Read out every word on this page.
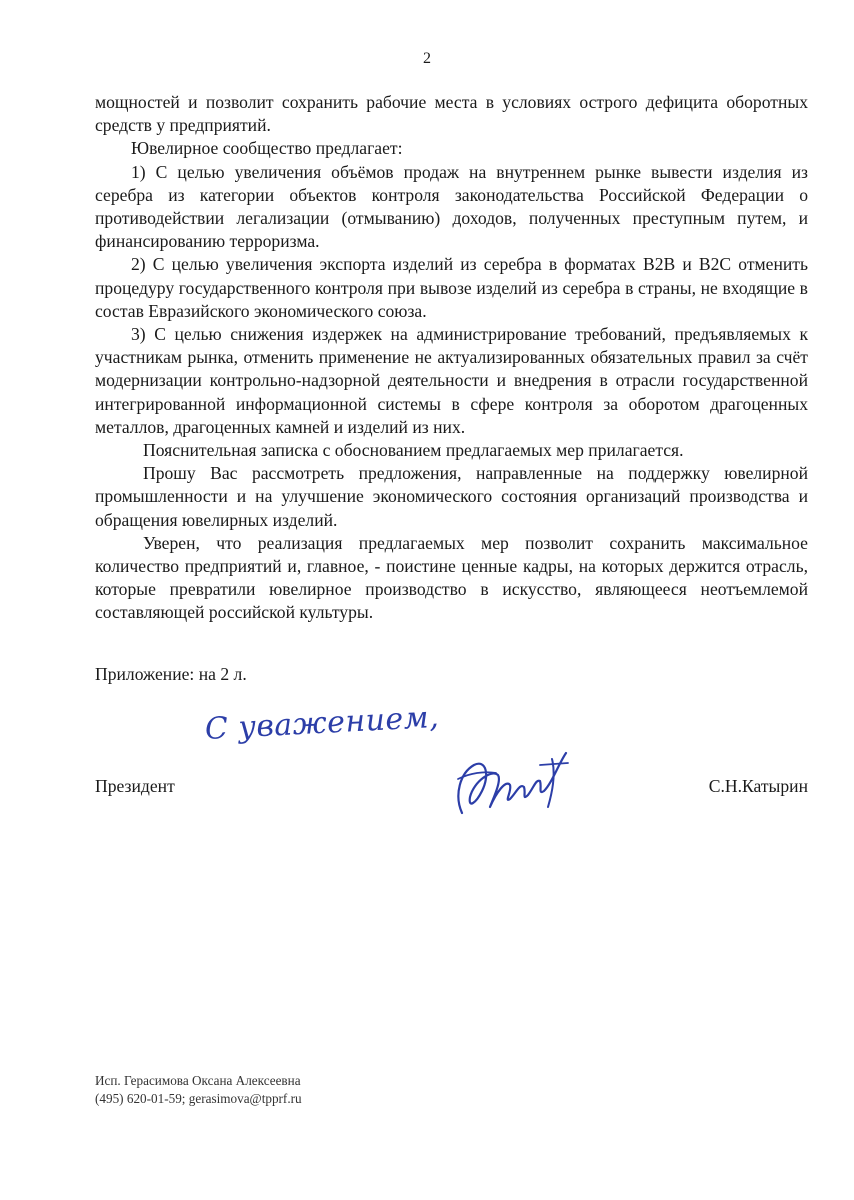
2

мощностей и позволит сохранить рабочие места в условиях острого дефицита оборотных средств у предприятий.

Ювелирное сообщество предлагает:

1) С целью увеличения объёмов продаж на внутреннем рынке вывести изделия из серебра из категории объектов контроля законодательства Российской Федерации о противодействии легализации (отмыванию) доходов, полученных преступным путем, и финансированию терроризма.

2) С целью увеличения экспорта изделий из серебра в форматах B2B и B2C отменить процедуру государственного контроля при вывозе изделий из серебра в страны, не входящие в состав Евразийского экономического союза.

3) С целью снижения издержек на администрирование требований, предъявляемых к участникам рынка, отменить применение не актуализированных обязательных правил за счёт модернизации контрольно-надзорной деятельности и внедрения в отрасли государственной интегрированной информационной системы в сфере контроля за оборотом драгоценных металлов, драгоценных камней и изделий из них.

Пояснительная записка с обоснованием предлагаемых мер прилагается.

Прошу Вас рассмотреть предложения, направленные на поддержку ювелирной промышленности и на улучшение экономического состояния организаций производства и обращения ювелирных изделий.

Уверен, что реализация предлагаемых мер позволит сохранить максимальное количество предприятий и, главное, - поистине ценные кадры, на которых держится отрасль, которые превратили ювелирное производство в искусство, являющееся неотъемлемой составляющей российской культуры.

Приложение: на 2 л.
С уважением,
Президент	С.Н.Катырин
Исп. Герасимова Оксана Алексеевна
(495) 620-01-59; gerasimova@tpprf.ru
